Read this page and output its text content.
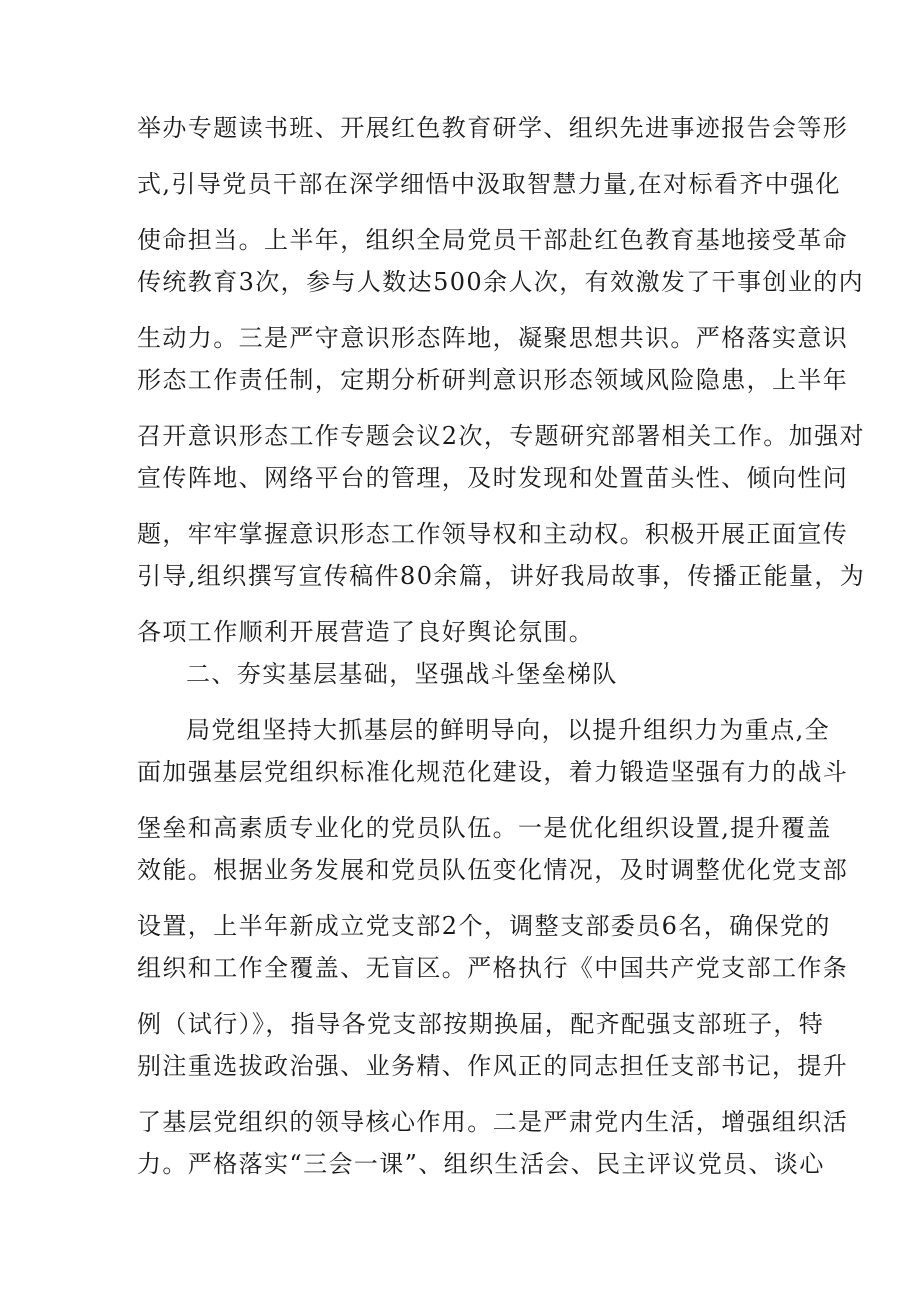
举办专题读书班、开展红色教育研学、组织先进事迹报告会等形
式,引导党员干部在深学细悟中汲取智慧力量,在对标看齐中强化
使命担当。上半年，组织全局党员干部赴红色教育基地接受革命
传统教育3次，参与人数达500余人次，有效激发了干事创业的内
生动力。三是严守意识形态阵地，凝聚思想共识。严格落实意识
形态工作责任制，定期分析研判意识形态领域风险隐患，上半年
召开意识形态工作专题会议2次，专题研究部署相关工作。加强对
宣传阵地、网络平台的管理，及时发现和处置苗头性、倾向性问
题，牢牢掌握意识形态工作领导权和主动权。积极开展正面宣传
引导,组织撰写宣传稿件80余篇，讲好我局故事，传播正能量，为
各项工作顺利开展营造了良好舆论氛围。
二、夯实基层基础，坚强战斗堡垒梯队
局党组坚持大抓基层的鲜明导向，以提升组织力为重点,全
面加强基层党组织标准化规范化建设，着力锻造坚强有力的战斗
堡垒和高素质专业化的党员队伍。一是优化组织设置,提升覆盖
效能。根据业务发展和党员队伍变化情况，及时调整优化党支部
设置，上半年新成立党支部2个，调整支部委员6名，确保党的
组织和工作全覆盖、无盲区。严格执行《中国共产党支部工作条
例（试行）》，指导各党支部按期换届，配齐配强支部班子，特
别注重选拔政治强、业务精、作风正的同志担任支部书记，提升
了基层党组织的领导核心作用。二是严肃党内生活，增强组织活
力。严格落实“三会一课”、组织生活会、民主评议党员、谈心
